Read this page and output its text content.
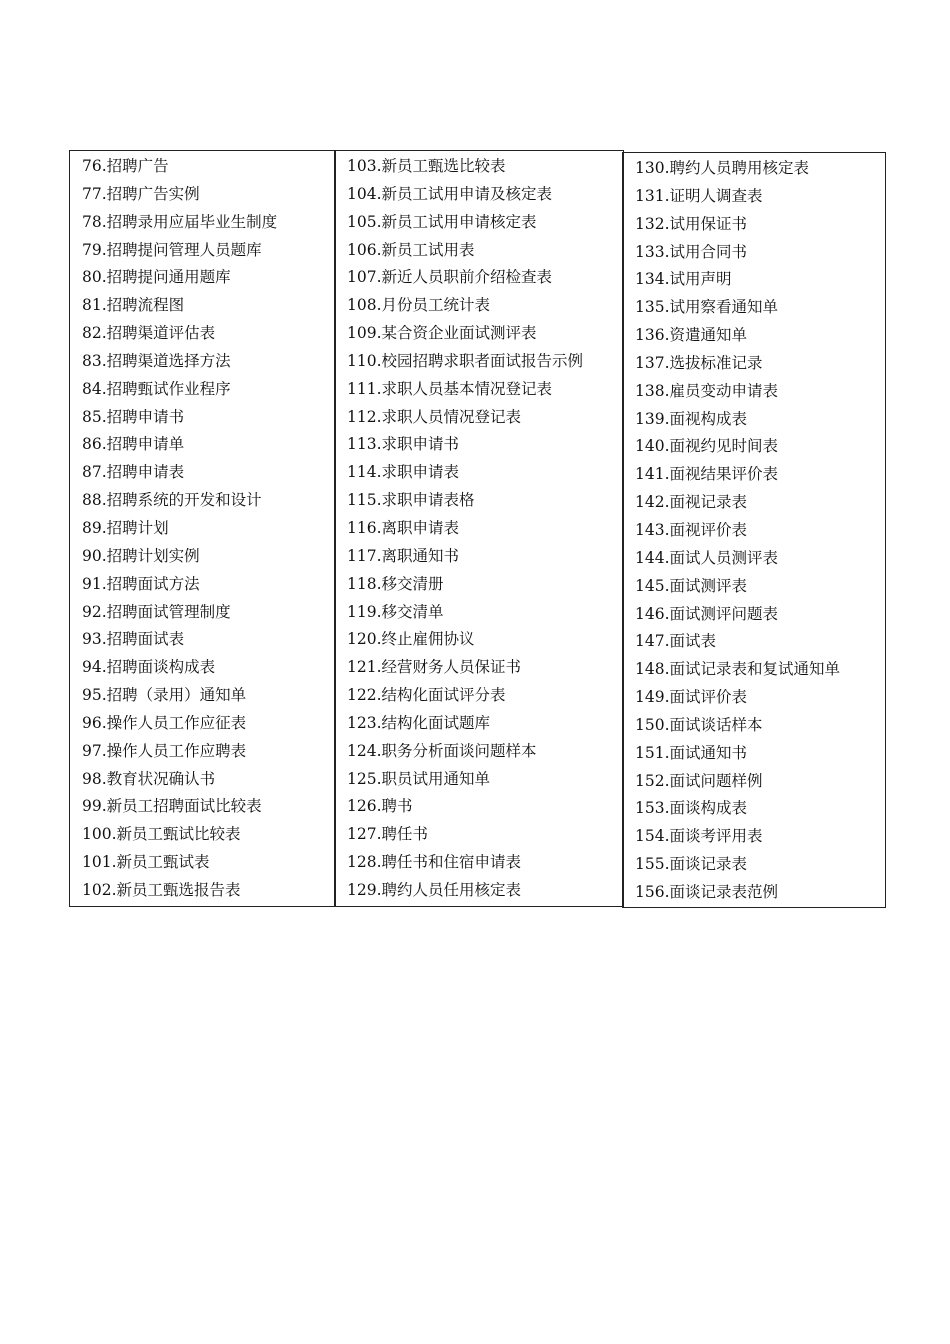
76.招聘广告
77.招聘广告实例
78.招聘录用应届毕业生制度
79.招聘提问管理人员题库
80.招聘提问通用题库
81.招聘流程图
82.招聘渠道评估表
83.招聘渠道选择方法
84.招聘甄试作业程序
85.招聘申请书
86.招聘申请单
87.招聘申请表
88.招聘系统的开发和设计
89.招聘计划
90.招聘计划实例
91.招聘面试方法
92.招聘面试管理制度
93.招聘面试表
94.招聘面谈构成表
95.招聘（录用）通知单
96.操作人员工作应征表
97.操作人员工作应聘表
98.教育状况确认书
99.新员工招聘面试比较表
100.新员工甄试比较表
101.新员工甄试表
102.新员工甄选报告表
103.新员工甄选比较表
104.新员工试用申请及核定表
105.新员工试用申请核定表
106.新员工试用表
107.新近人员职前介绍检查表
108.月份员工统计表
109.某合资企业面试测评表
110.校园招聘求职者面试报告示例
111.求职人员基本情况登记表
112.求职人员情况登记表
113.求职申请书
114.求职申请表
115.求职申请表格
116.离职申请表
117.离职通知书
118.移交清册
119.移交清单
120.终止雇佣协议
121.经营财务人员保证书
122.结构化面试评分表
123.结构化面试题库
124.职务分析面谈问题样本
125.职员试用通知单
126.聘书
127.聘任书
128.聘任书和住宿申请表
129.聘约人员任用核定表
130.聘约人员聘用核定表
131.证明人调查表
132.试用保证书
133.试用合同书
134.试用声明
135.试用察看通知单
136.资遣通知单
137.选拔标准记录
138.雇员变动申请表
139.面视构成表
140.面视约见时间表
141.面视结果评价表
142.面视记录表
143.面视评价表
144.面试人员测评表
145.面试测评表
146.面试测评问题表
147.面试表
148.面试记录表和复试通知单
149.面试评价表
150.面试谈话样本
151.面试通知书
152.面试问题样例
153.面谈构成表
154.面谈考评用表
155.面谈记录表
156.面谈记录表范例
